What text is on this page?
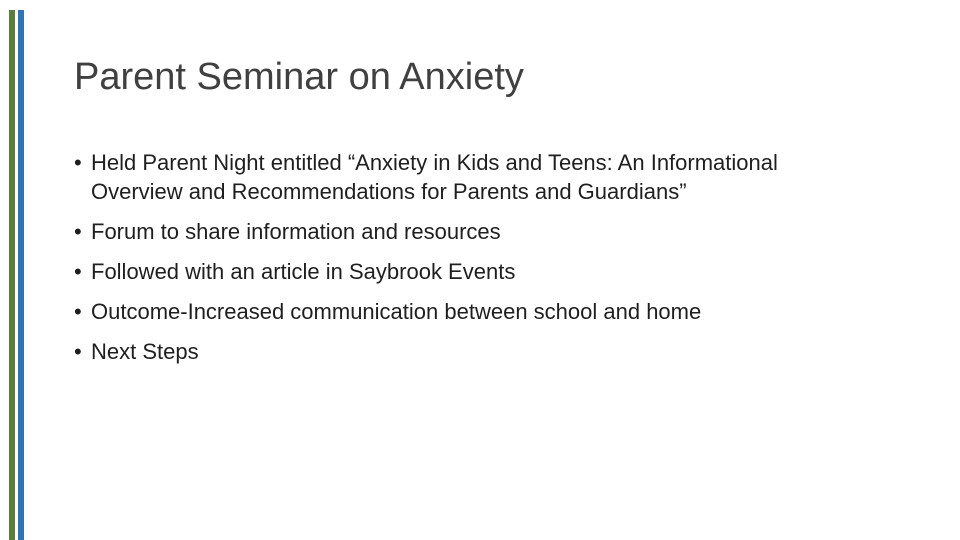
Parent Seminar on Anxiety
• Held Parent Night entitled “Anxiety in Kids and Teens: An Informational Overview and Recommendations for Parents and Guardians”
• Forum to share information and resources
• Followed with an article in Saybrook Events
• Outcome-Increased communication between school and home
• Next Steps
